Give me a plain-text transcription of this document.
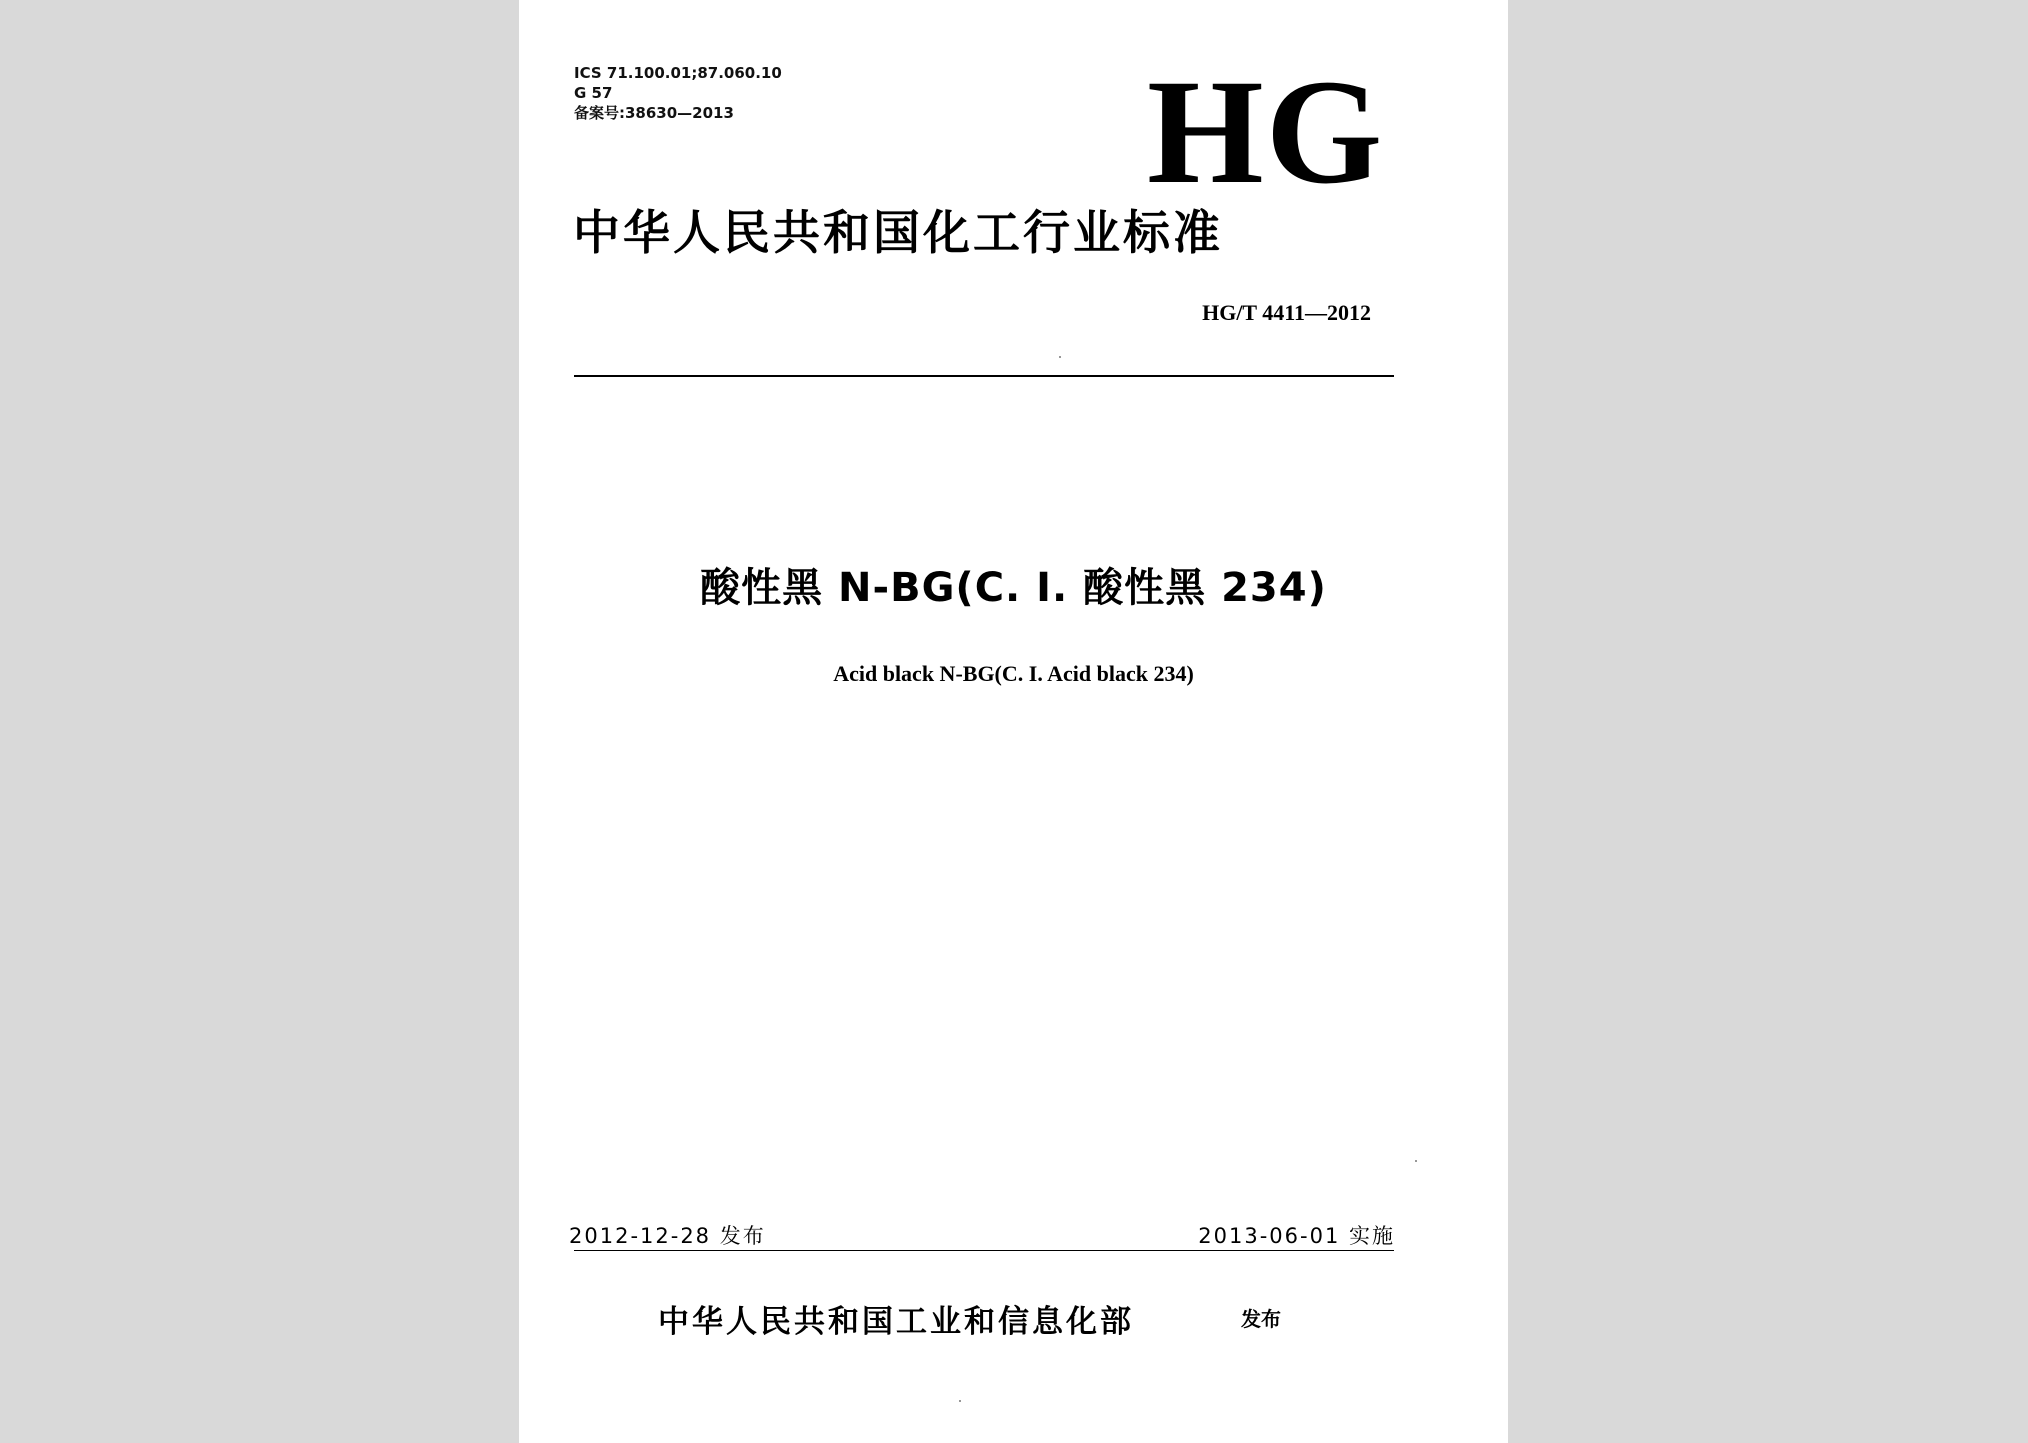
ICS 71.100.01;87.060.10
G 57
备案号:38630—2013	HG
中华人民共和国化工行业标准
HG/T 4411—2012
酸性黑 N-BG(C. I. 酸性黑 234)
Acid black N-BG(C. I. Acid black 234)
2012-12-28 发布	2013-06-01 实施
中华人民共和国工业和信息化部	发布
